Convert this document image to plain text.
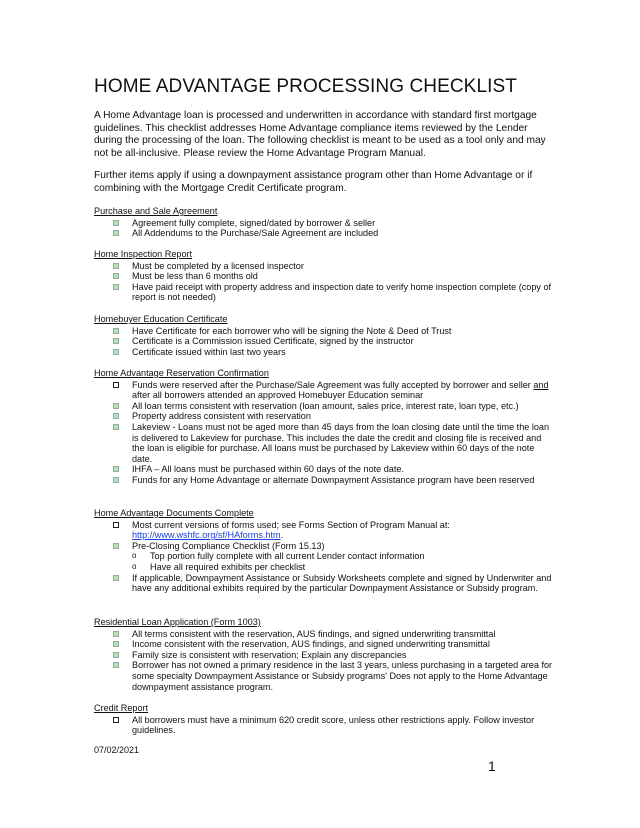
HOME ADVANTAGE PROCESSING CHECKLIST

A Home Advantage loan is processed and underwritten in accordance with standard first mortgage guidelines. This checklist addresses Home Advantage compliance items reviewed by the Lender during the processing of the loan. The following checklist is meant to be used as a tool only and may not be all-inclusive. Please review the Home Advantage Program Manual.

Further items apply if using a downpayment assistance program other than Home Advantage or if combining with the Mortgage Credit Certificate program.

Purchase and Sale Agreement
Agreement fully complete, signed/dated by borrower & seller
All Addendums to the Purchase/Sale Agreement are included
Home Inspection Report
Must be completed by a licensed inspector
Must be less than 6 months old
Have paid receipt with property address and inspection date to verify home inspection complete (copy of report is not needed)
Homebuyer Education Certificate
Have Certificate for each borrower who will be signing the Note & Deed of Trust
Certificate is a Commission issued Certificate, signed by the instructor
Certificate issued within last two years
Home Advantage Reservation Confirmation
Funds were reserved after the Purchase/Sale Agreement was fully accepted by borrower and seller and after all borrowers attended an approved Homebuyer Education seminar
All loan terms consistent with reservation (loan amount, sales price, interest rate, loan type, etc.)
Property address consistent with reservation
Lakeview - Loans must not be aged more than 45 days from the loan closing date until the time the loan is delivered to Lakeview for purchase. This includes the date the credit and closing file is received and the loan is eligible for purchase. All loans must be purchased by Lakeview within 60 days of the note date.
IHFA – All loans must be purchased within 60 days of the note date.
Funds for any Home Advantage or alternate Downpayment Assistance program have been reserved
Home Advantage Documents Complete
Most current versions of forms used; see Forms Section of Program Manual at:
http://www.wshfc.org/sf/HAforms.htm.
Pre-Closing Compliance Checklist (Form 15.13)
o Top portion fully complete with all current Lender contact information
o Have all required exhibits per checklist
If applicable, Downpayment Assistance or Subsidy Worksheets complete and signed by Underwriter and have any additional exhibits required by the particular Downpayment Assistance or Subsidy program.
Residential Loan Application (Form 1003)
All terms consistent with the reservation, AUS findings, and signed underwriting transmittal
Income consistent with the reservation, AUS findings, and signed underwriting transmittal
Family size is consistent with reservation; Explain any discrepancies
Borrower has not owned a primary residence in the last 3 years, unless purchasing in a targeted area for some specialty Downpayment Assistance or Subsidy programs' Does not apply to the Home Advantage downpayment assistance program.
Credit Report
All borrowers must have a minimum 620 credit score, unless other restrictions apply. Follow investor guidelines.
07/02/2021
1
